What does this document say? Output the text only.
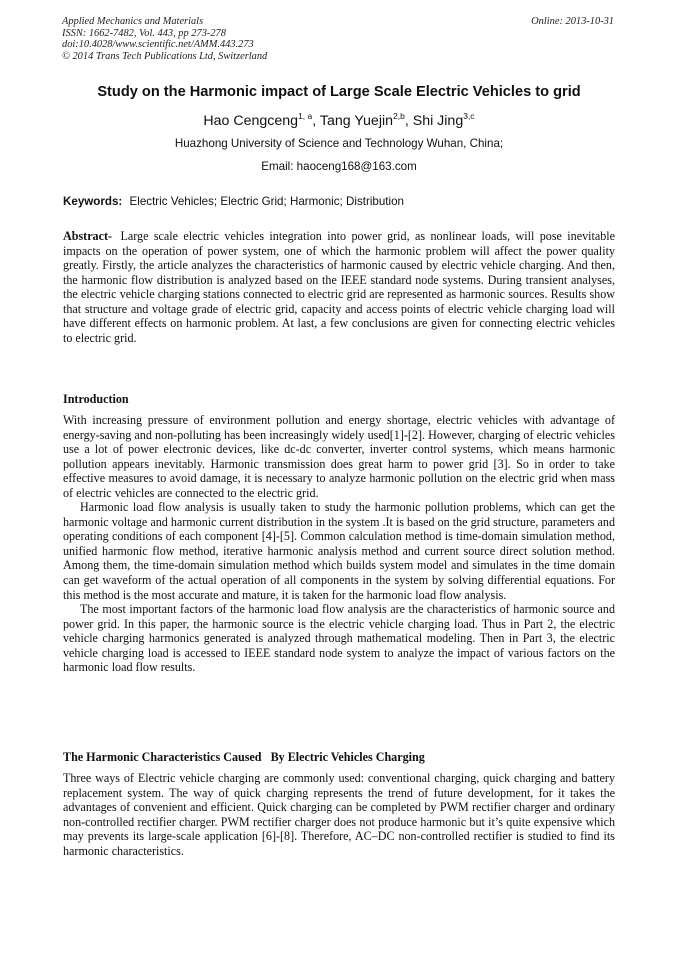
Applied Mechanics and Materials
ISSN: 1662-7482, Vol. 443, pp 273-278
doi:10.4028/www.scientific.net/AMM.443.273
© 2014 Trans Tech Publications Ltd, Switzerland
Online: 2013-10-31
Study on the Harmonic impact of Large Scale Electric Vehicles to grid
Hao Cengceng$^{1, a}$, Tang Yuejin$^{2,b}$, Shi Jing$^{3,c}$
Huazhong University of Science and Technology Wuhan, China;
Email: haoceng168@163.com
Keywords: Electric Vehicles; Electric Grid; Harmonic; Distribution

Abstract- Large scale electric vehicles integration into power grid, as nonlinear loads, will pose inevitable impacts on the operation of power system, one of which the harmonic problem will affect the power quality greatly. Firstly, the article analyzes the characteristics of harmonic caused by electric vehicle charging. And then, the harmonic flow distribution is analyzed based on the IEEE standard node systems. During transient analyses, the electric vehicle charging stations connected to electric grid are represented as harmonic sources. Results show that structure and voltage grade of electric grid, capacity and access points of electric vehicle charging load will have different effects on harmonic problem. At last, a few conclusions are given for connecting electric vehicles to electric grid.

Introduction

With increasing pressure of environment pollution and energy shortage, electric vehicles with advantage of energy-saving and non-polluting has been increasingly widely used[1]-[2]. However, charging of electric vehicles use a lot of power electronic devices, like dc-dc converter, inverter control systems, which means harmonic pollution appears inevitably. Harmonic transmission does great harm to power grid [3]. So in order to take effective measures to avoid damage, it is necessary to analyze harmonic pollution on the electric grid when mass of electric vehicles are connected to the electric grid.

Harmonic load flow analysis is usually taken to study the harmonic pollution problems, which can get the harmonic voltage and harmonic current distribution in the system .It is based on the grid structure, parameters and operating conditions of each component [4]-[5]. Common calculation method is time-domain simulation method, unified harmonic flow method, iterative harmonic analysis method and current source direct solution method. Among them, the time-domain simulation method which builds system model and simulates in the time domain can get waveform of the actual operation of all components in the system by solving differential equations. For this method is the most accurate and mature, it is taken for the harmonic load flow analysis.

The most important factors of the harmonic load flow analysis are the characteristics of harmonic source and power grid. In this paper, the harmonic source is the electric vehicle charging load. Thus in Part 2, the electric vehicle charging harmonics generated is analyzed through mathematical modeling. Then in Part 3, the electric vehicle charging load is accessed to IEEE standard node system to analyze the impact of various factors on the harmonic load flow results.

The Harmonic Characteristics Caused   By Electric Vehicles Charging

Three ways of Electric vehicle charging are commonly used: conventional charging, quick charging and battery replacement system. The way of quick charging represents the trend of future development, for it takes the advantages of convenient and efficient. Quick charging can be completed by PWM rectifier charger and ordinary non-controlled rectifier charger. PWM rectifier charger does not produce harmonic but it’s quite expensive which may prevents its large-scale application [6]-[8]. Therefore, AC–DC non-controlled rectifier is studied to find its harmonic characteristics.
